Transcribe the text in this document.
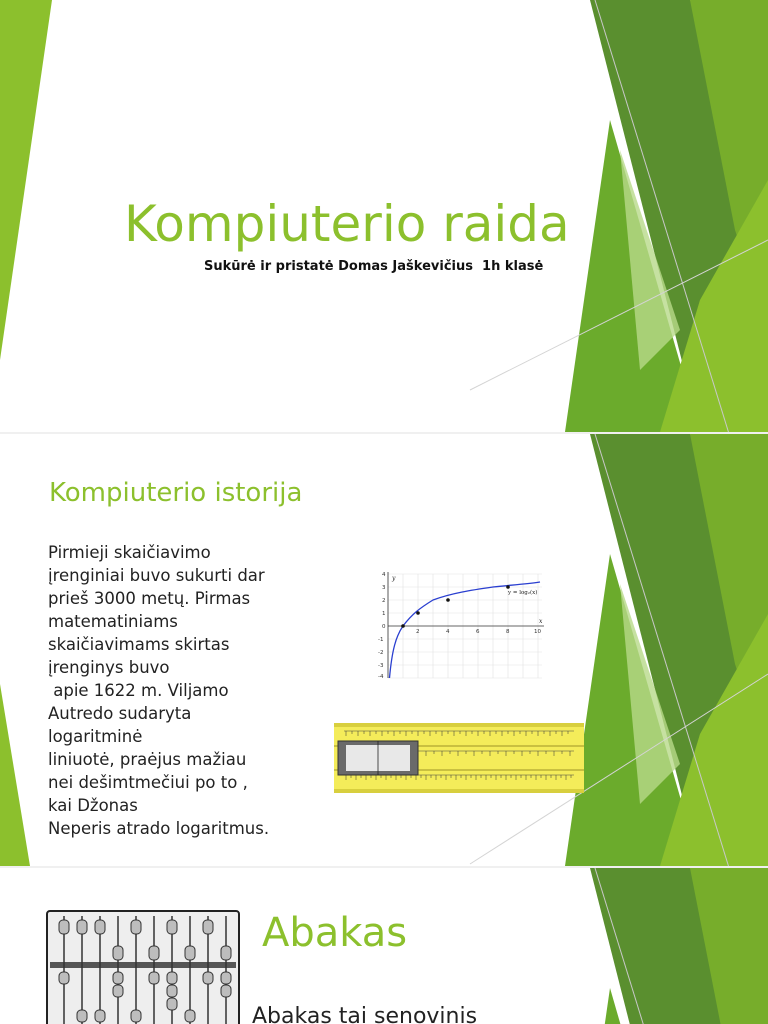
Kompiuterio raida
Sukūrė ir pristatė Domas Jaškevičius  1h klasė
Kompiuterio istorija
Pirmieji skaičiavimo
įrenginiai buvo sukurti dar
prieš 3000 metų. Pirmas
matematiniams
skaičiavimams skirtas
įrenginys buvo
apie 1622 m. Viljamo
Autredo sudaryta
logaritminė
liniuotė, praėjus mažiau
nei dešimtmečiui po to ,
kai Džonas
Neperis atrado logaritmus.
y
x
y = log₂(x)
2	4	6	8	10
4
3
2
1
0
-1
-2
-3
-4
Abakas
Abakas tai senovinis
